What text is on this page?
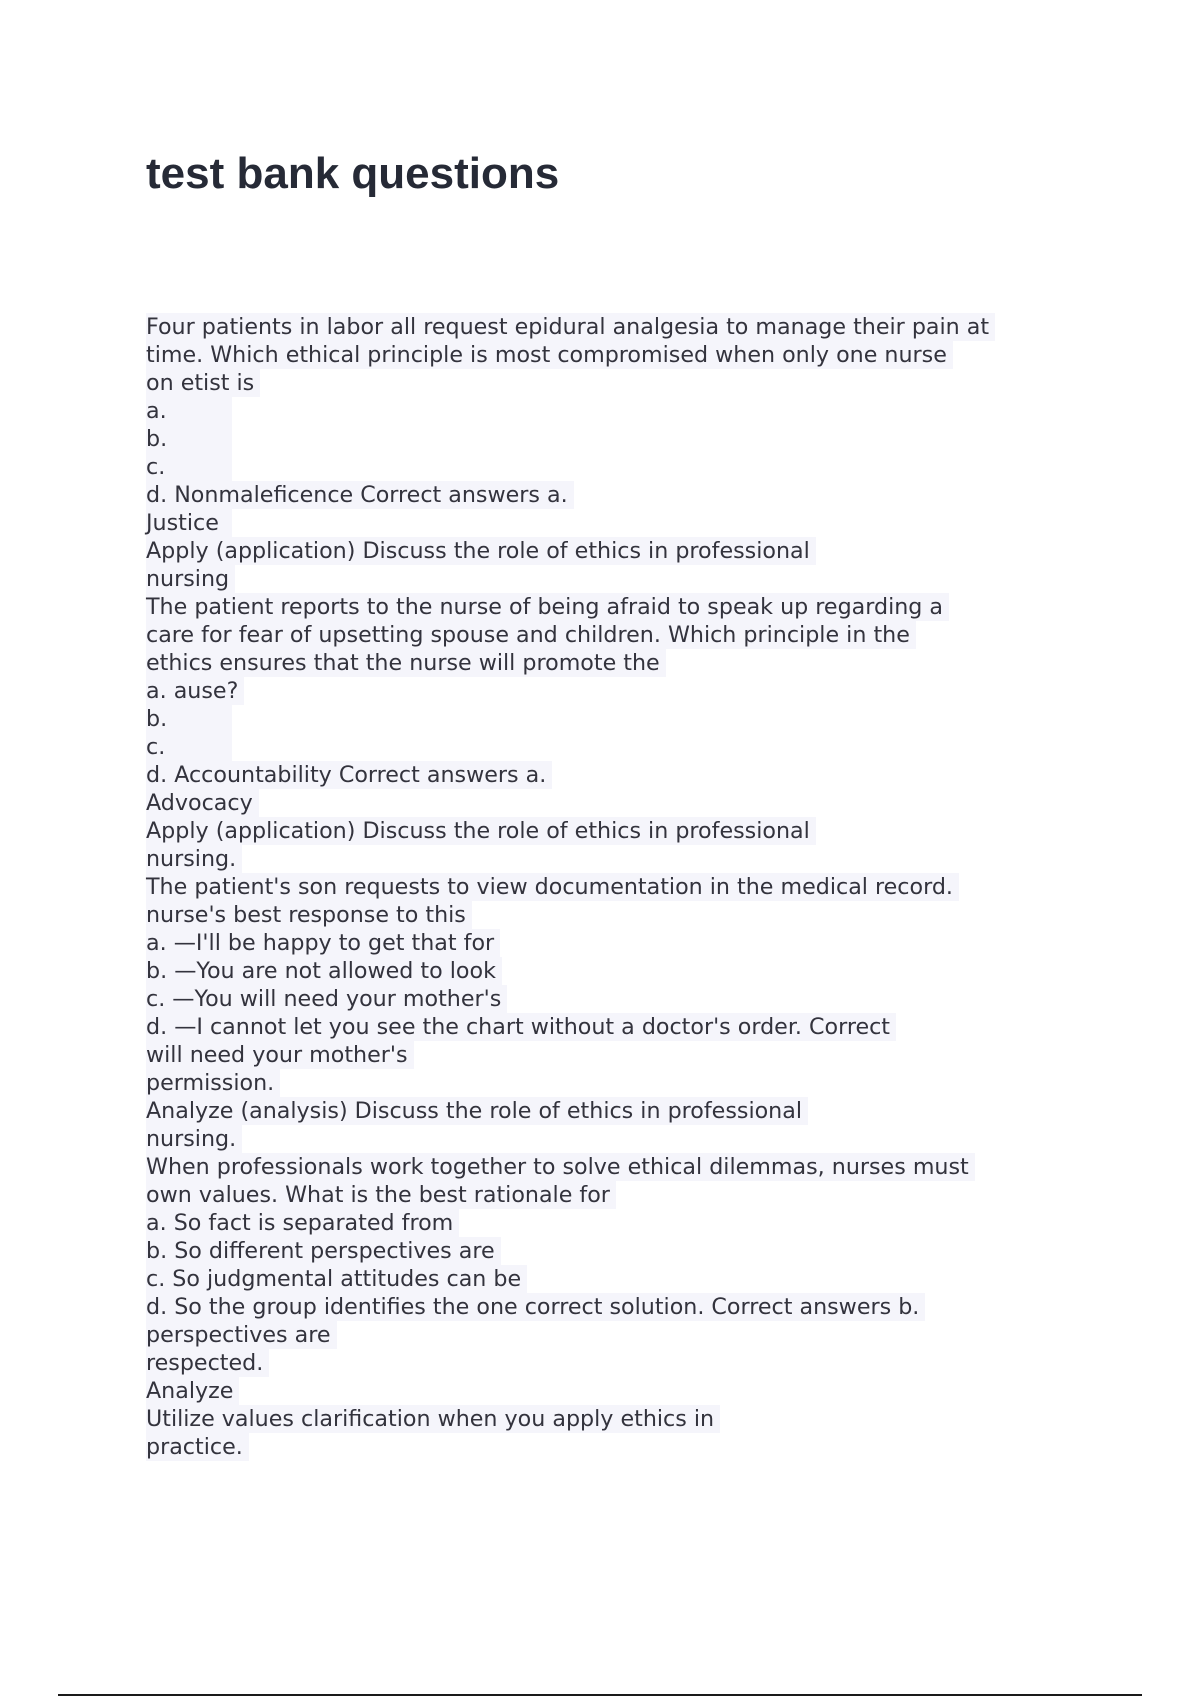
test bank questions
Four patients in labor all request epidural analgesia to manage their pain at
time. Which ethical principle is most compromised when only one nurse
on etist is
a.
b.
c.
d. Nonmaleficence Correct answers a.
Justice
Apply (application) Discuss the role of ethics in professional
nursing
The patient reports to the nurse of being afraid to speak up regarding a
care for fear of upsetting spouse and children. Which principle in the
ethics ensures that the nurse will promote the
a. ause?
b.
c.
d. Accountability Correct answers a.
Advocacy
Apply (application) Discuss the role of ethics in professional
nursing.
The patient's son requests to view documentation in the medical record.
nurse's best response to this
a. —I'll be happy to get that for
b. —You are not allowed to look
c. —You will need your mother's
d. —I cannot let you see the chart without a doctor's order. Correct
will need your mother's
permission.
Analyze (analysis) Discuss the role of ethics in professional
nursing.
When professionals work together to solve ethical dilemmas, nurses must
own values. What is the best rationale for
a. So fact is separated from
b. So different perspectives are
c. So judgmental attitudes can be
d. So the group identifies the one correct solution. Correct answers b.
perspectives are
respected.
Analyze
Utilize values clarification when you apply ethics in
practice.
